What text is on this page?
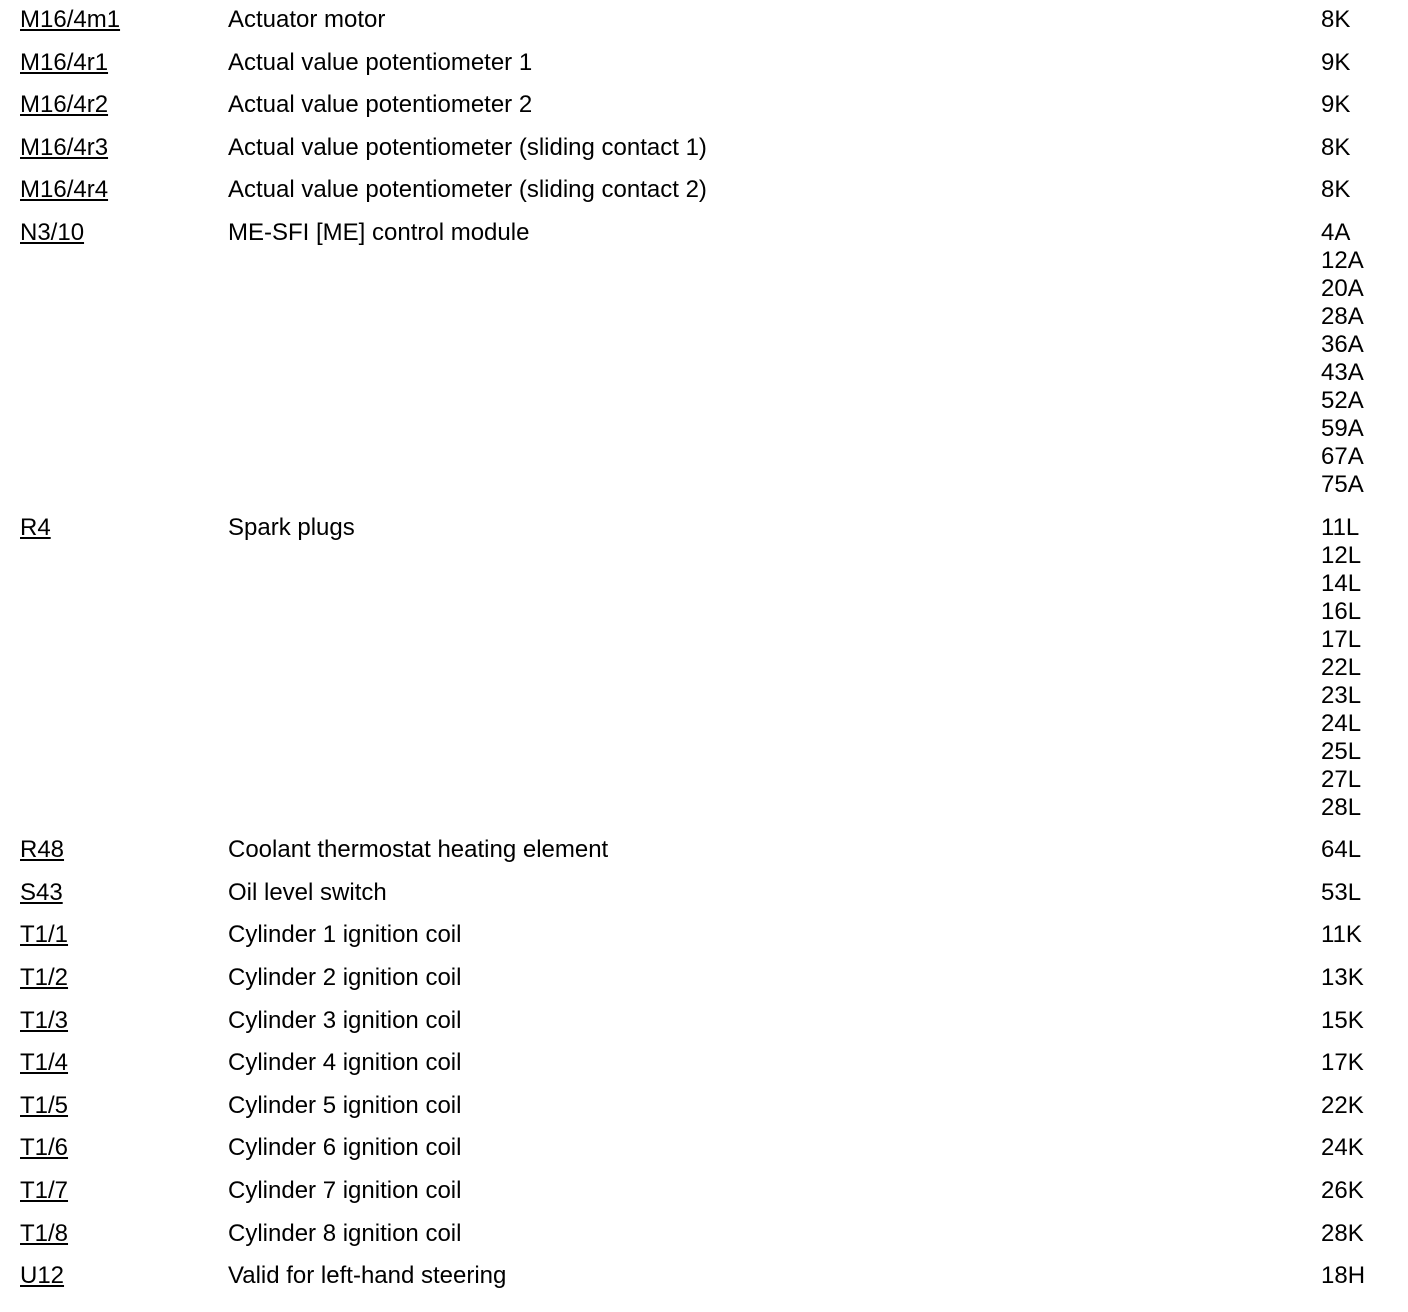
M16/4m1	Actuator motor	8K
M16/4r1	Actual value potentiometer 1	9K
M16/4r2	Actual value potentiometer 2	9K
M16/4r3	Actual value potentiometer (sliding contact 1)	8K
M16/4r4	Actual value potentiometer (sliding contact 2)	8K
N3/10	ME-SFI [ME] control module	4A
12A
20A
28A
36A
43A
52A
59A
67A
75A
R4	Spark plugs	11L
12L
14L
16L
17L
22L
23L
24L
25L
27L
28L
R48	Coolant thermostat heating element	64L
S43	Oil level switch	53L
T1/1	Cylinder 1 ignition coil	11K
T1/2	Cylinder 2 ignition coil	13K
T1/3	Cylinder 3 ignition coil	15K
T1/4	Cylinder 4 ignition coil	17K
T1/5	Cylinder 5 ignition coil	22K
T1/6	Cylinder 6 ignition coil	24K
T1/7	Cylinder 7 ignition coil	26K
T1/8	Cylinder 8 ignition coil	28K
U12	Valid for left-hand steering	18H
